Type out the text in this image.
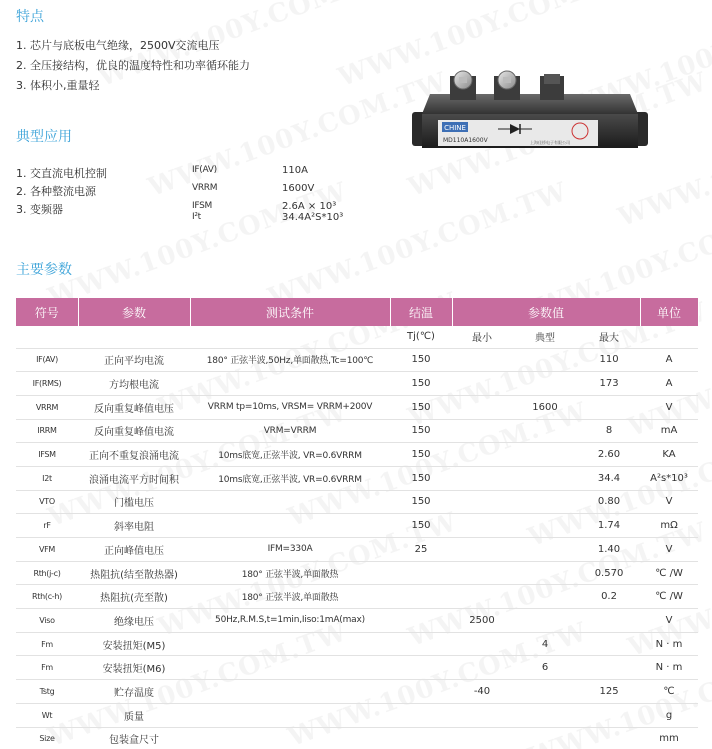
特点
1. 芯片与底板电气绝缘，2500V交流电压
2. 全压接结构，优良的温度特性和功率循环能力
3. 体积小,重量轻
典型应用
1. 交直流电机控制	IF(AV)	110A
2. 各种整流电源	VRRM	1600V
3. 变频器	IFSM	2.6A × 10³
I²t	34.4A²S*10³
CHINE
MD110A1600V	上海佳桥电子有限公司
主要参数
符号	参数	测试条件	结温	参数值			单位
			Tj(℃)	最小	典型	最大	
IF(AV)	正向平均电流	180° 正弦半波,50Hz,单面散热,Tc=100℃	150			110	A
IF(RMS)	方均根电流		150			173	A
VRRM	反向重复峰值电压	VRRM tp=10ms, VRSM= VRRM+200V	150		1600		V
IRRM	反向重复峰值电流	VRM=VRRM	150			8	mA
IFSM	正向不重复浪涌电流	10ms底宽,正弦半波, VR=0.6VRRM	150			2.60	KA
I2t	浪涌电流平方时间积	10ms底宽,正弦半波, VR=0.6VRRM	150			34.4	A²s*10³
VTO	门槛电压		150			0.80	V
rF	斜率电阻		150			1.74	mΩ
VFM	正向峰值电压	IFM=330A	25			1.40	V
Rth(j-c)	热阻抗(结至散热器)	180° 正弦半波,单面散热				0.570	℃ /W
Rth(c-h)	热阻抗(壳至散)	180° 正弦半波,单面散热				0.2	℃ /W
Viso	绝缘电压	50Hz,R.M.S,t=1min,Iiso:1mA(max)		2500			V
Fm	安装扭矩(M5)				4		N · m
Fm	安装扭矩(M6)				6		N · m
Tstg	贮存温度			-40		125	℃
Wt	质量						g
Size	包装盒尺寸						mm
